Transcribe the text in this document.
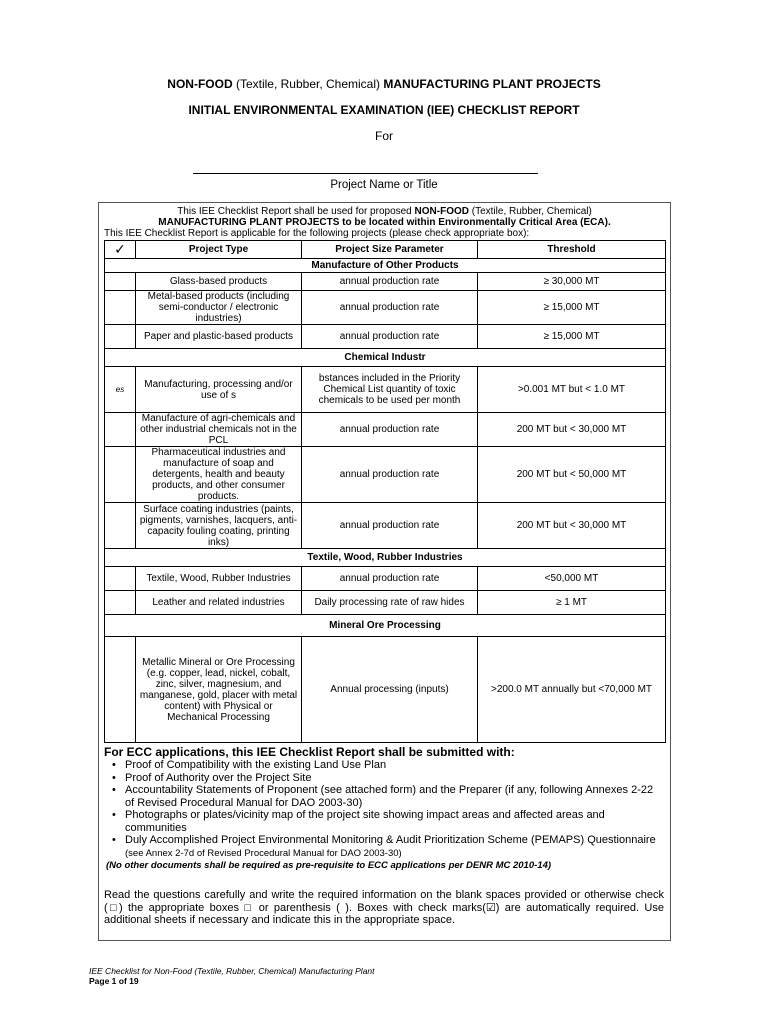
NON-FOOD (Textile, Rubber, Chemical) MANUFACTURING PLANT PROJECTS
INITIAL ENVIRONMENTAL EXAMINATION (IEE) CHECKLIST REPORT
For
Project Name or Title
This IEE Checklist Report shall be used for proposed NON-FOOD (Textile, Rubber, Chemical)
MANUFACTURING PLANT PROJECTS to be located within Environmentally Critical Area (ECA).
This IEE Checklist Report is applicable for the following projects (please check appropriate box):
✓	Project Type	Project Size Parameter	Threshold
Manufacture of Other Products			
	Glass-based products	annual production rate	≥ 30,000 MT
	Metal-based products (including semi-conductor / electronic industries)	annual production rate	≥ 15,000 MT
	Paper and plastic-based products	annual production rate	≥ 15,000 MT
Chemical Industr			
es	Manufacturing, processing and/or use of s	bstances included in the Priority Chemical List quantity of toxic chemicals to be used per month	>0.001 MT but < 1.0 MT
	Manufacture of agri-chemicals and other industrial chemicals not in the PCL	annual production rate	200 MT but < 30,000 MT
	Pharmaceutical industries and manufacture of soap and detergents, health and beauty products, and other consumer products.	annual production rate	200 MT but < 50,000 MT
	Surface coating industries (paints, pigments, varnishes, lacquers, anti- capacity fouling coating, printing inks)	annual production rate	200 MT but < 30,000 MT
Textile, Wood, Rubber Industries			
	Textile, Wood, Rubber Industries	annual production rate	<50,000 MT
	Leather and related industries	Daily processing rate of raw hides	≥ 1 MT
Mineral Ore Processing			
	Metallic Mineral or Ore Processing (e.g. copper, lead, nickel, cobalt, zinc, silver, magnesium, and manganese, gold, placer with metal content) with Physical or Mechanical Processing	Annual processing (inputs)	>200.0 MT annually but <70,000 MT
For ECC applications, this IEE Checklist Report shall be submitted with:
• Proof of Compatibility with the existing Land Use Plan
• Proof of Authority over the Project Site
• Accountability Statements of Proponent (see attached form) and the Preparer (if any, following Annexes 2-22 of Revised Procedural Manual for DAO 2003-30)
• Photographs or plates/vicinity map of the project site showing impact areas and affected areas and communities
• Duly Accomplished Project Environmental Monitoring & Audit Prioritization Scheme (PEMAPS) Questionnaire (see Annex 2-7d of Revised Procedural Manual for DAO 2003-30)
(No other documents shall be required as pre-requisite to ECC applications per DENR MC 2010-14)
Read the questions carefully and write the required information on the blank spaces provided or otherwise check (□) the appropriate boxes □ or parenthesis ( ). Boxes with check marks(☑) are automatically required. Use additional sheets if necessary and indicate this in the appropriate space.
IEE Checklist for Non-Food (Textile, Rubber, Chemical) Manufacturing Plant
Page 1 of 19
